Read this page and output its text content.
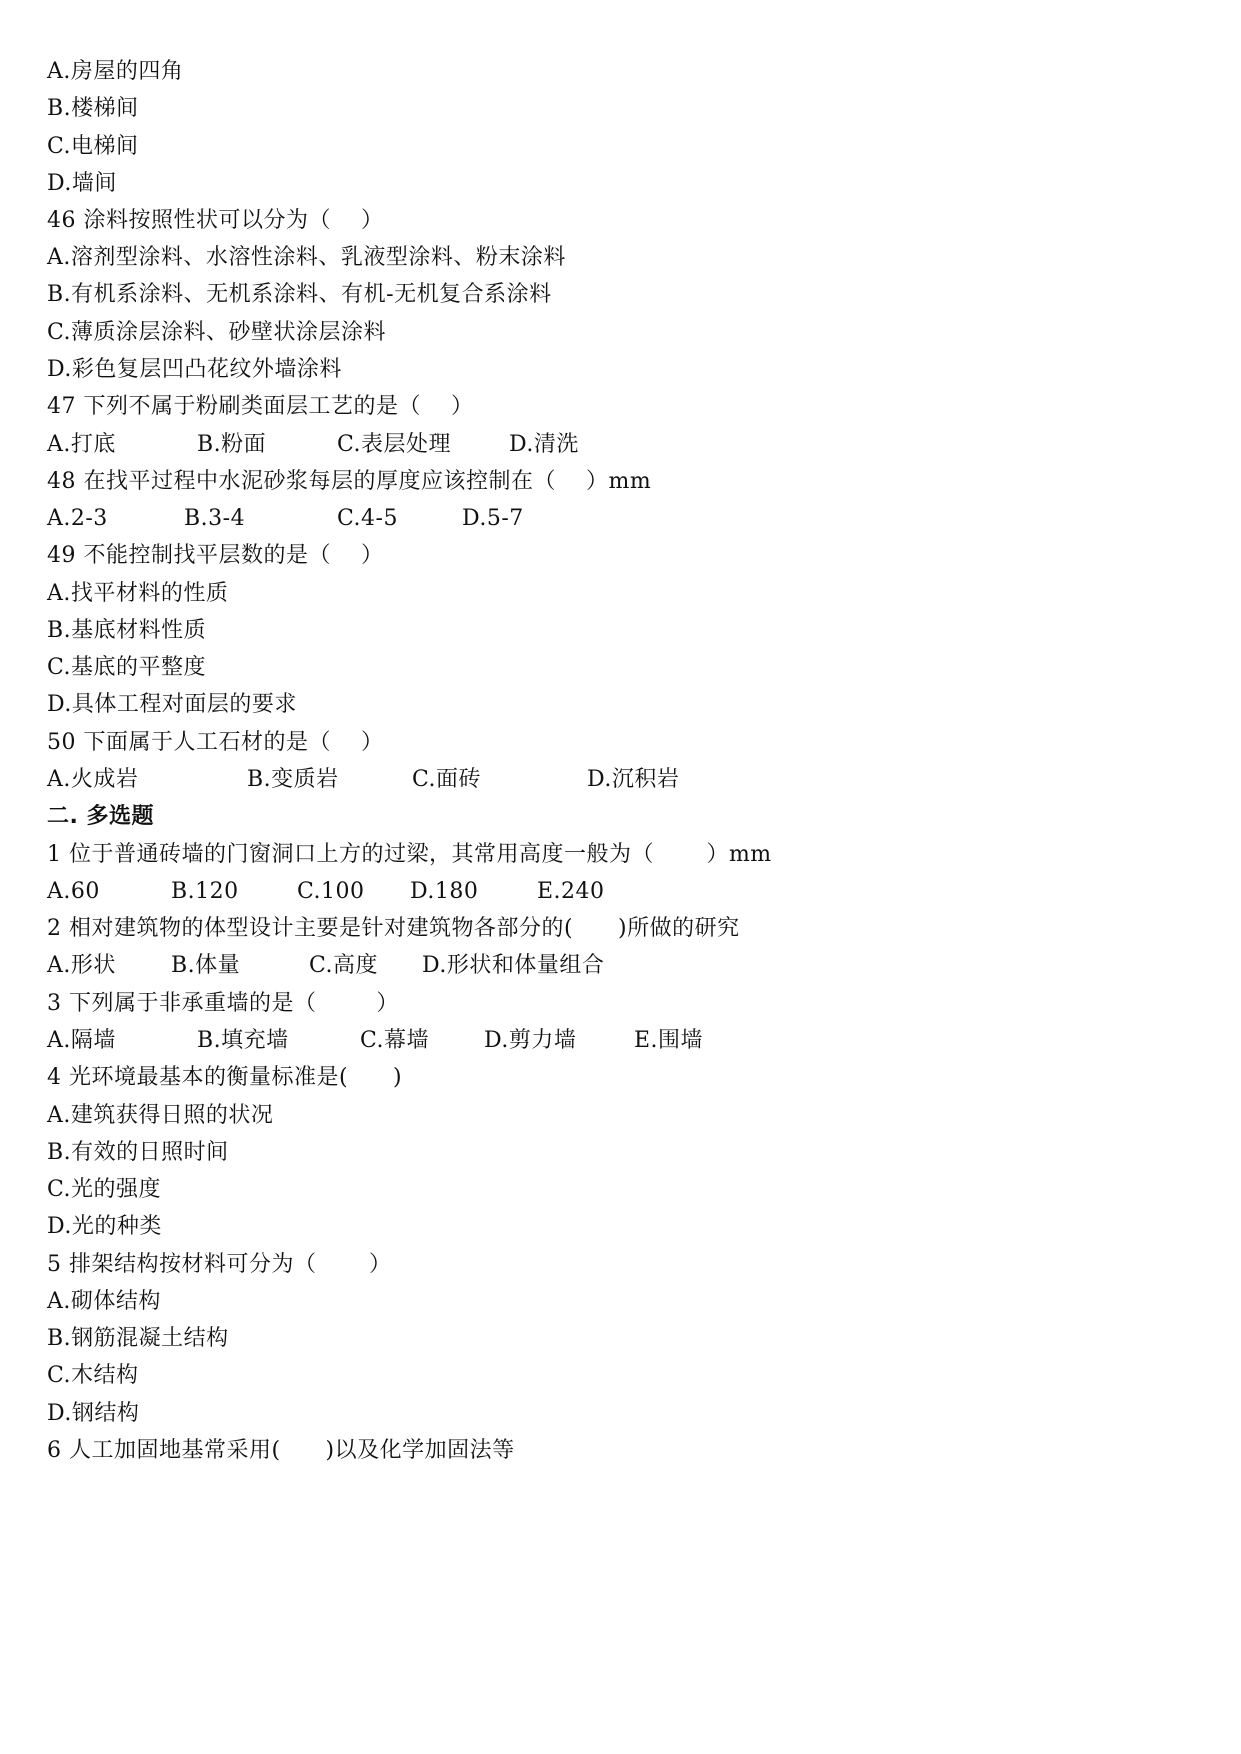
A.房屋的四角

B.楼梯间

C.电梯间

D.墙间

46 涂料按照性状可以分为（    ）

A.溶剂型涂料、水溶性涂料、乳液型涂料、粉末涂料

B.有机系涂料、无机系涂料、有机-无机复合系涂料

C.薄质涂层涂料、砂壁状涂层涂料

D.彩色复层凹凸花纹外墙涂料

47 下列不属于粉刷类面层工艺的是（    ）

A.打底	B.粉面	C.表层处理	D.清洗

48 在找平过程中水泥砂浆每层的厚度应该控制在（    ）mm

A.2-3	B.3-4	C.4-5	D.5-7

49 不能控制找平层数的是（    ）

A.找平材料的性质

B.基底材料性质

C.基底的平整度

D.具体工程对面层的要求

50 下面属于人工石材的是（    ）

A.火成岩	B.变质岩	C.面砖	D.沉积岩

二. 多选题

1 位于普通砖墙的门窗洞口上方的过梁，其常用高度一般为（       ）mm

A.60	B.120	C.100 D.180	E.240

2 相对建筑物的体型设计主要是针对建筑物各部分的(      )所做的研究

A.形状	B.体量	C.高度 D.形状和体量组合

3 下列属于非承重墙的是（        ）

A.隔墙	B.填充墙	C.幕墙 D.剪力墙	E.围墙

4 光环境最基本的衡量标准是(      )

A.建筑获得日照的状况

B.有效的日照时间

C.光的强度

D.光的种类

5 排架结构按材料可分为（       ）

A.砌体结构

B.钢筋混凝土结构

C.木结构

D.钢结构

6 人工加固地基常采用(      )以及化学加固法等
